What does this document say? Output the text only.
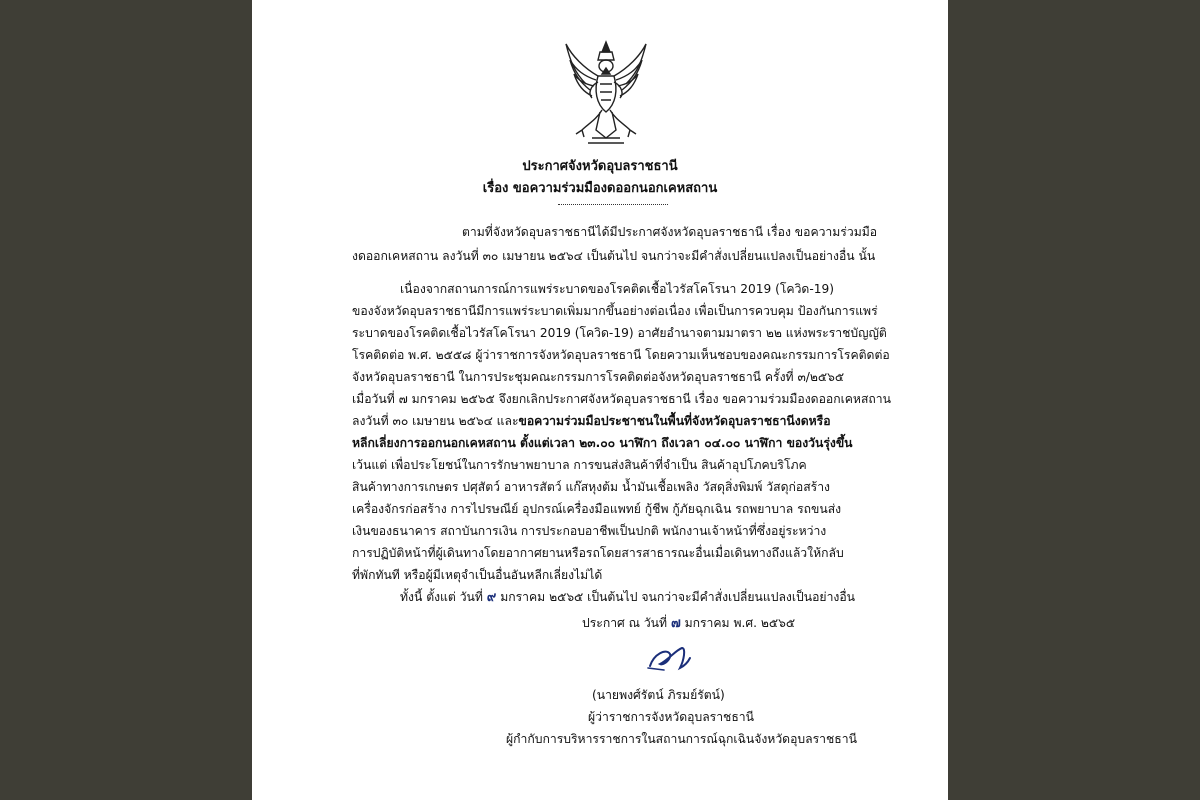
ประกาศจังหวัดอุบลราชธานี
เรื่อง ขอความร่วมมืองดออกนอกเคหสถาน
ตามที่จังหวัดอุบลราชธานีได้มีประกาศจังหวัดอุบลราชธานี เรื่อง ขอความร่วมมือ
งดออกเคหสถาน ลงวันที่ ๓๐ เมษายน ๒๕๖๔ เป็นต้นไป จนกว่าจะมีคำสั่งเปลี่ยนแปลงเป็นอย่างอื่น นั้น
เนื่องจากสถานการณ์การแพร่ระบาดของโรคติดเชื้อไวรัสโคโรนา 2019 (โควิด-19)
ของจังหวัดอุบลราชธานีมีการแพร่ระบาดเพิ่มมากขึ้นอย่างต่อเนื่อง เพื่อเป็นการควบคุม ป้องกันการแพร่
ระบาดของโรคติดเชื้อไวรัสโคโรนา 2019 (โควิด-19) อาศัยอำนาจตามมาตรา ๒๒ แห่งพระราชบัญญัติ
โรคติดต่อ พ.ศ. ๒๕๕๘ ผู้ว่าราชการจังหวัดอุบลราชธานี โดยความเห็นชอบของคณะกรรมการโรคติดต่อ
จังหวัดอุบลราชธานี ในการประชุมคณะกรรมการโรคติดต่อจังหวัดอุบลราชธานี ครั้งที่ ๓/๒๕๖๕
เมื่อวันที่ ๗ มกราคม ๒๕๖๕ จึงยกเลิกประกาศจังหวัดอุบลราชธานี เรื่อง ขอความร่วมมืองดออกเคหสถาน
ลงวันที่ ๓๐ เมษายน ๒๕๖๔ และขอความร่วมมือประชาชนในพื้นที่จังหวัดอุบลราชธานีงดหรือ
หลีกเลี่ยงการออกนอกเคหสถาน ตั้งแต่เวลา ๒๓.๐๐ นาฬิกา ถึงเวลา ๐๔.๐๐ นาฬิกา ของวันรุ่งขึ้น
เว้นแต่ เพื่อประโยชน์ในการรักษาพยาบาล การขนส่งสินค้าที่จำเป็น สินค้าอุปโภคบริโภค
สินค้าทางการเกษตร ปศุสัตว์ อาหารสัตว์ แก๊สหุงต้ม น้ำมันเชื้อเพลิง วัสดุสิ่งพิมพ์ วัสดุก่อสร้าง
เครื่องจักรก่อสร้าง การไปรษณีย์ อุปกรณ์เครื่องมือแพทย์ กู้ชีพ กู้ภัยฉุกเฉิน รถพยาบาล รถขนส่ง
เงินของธนาคาร สถาบันการเงิน การประกอบอาชีพเป็นปกติ พนักงานเจ้าหน้าที่ซึ่งอยู่ระหว่าง
การปฏิบัติหน้าที่ผู้เดินทางโดยอากาศยานหรือรถโดยสารสาธารณะอื่นเมื่อเดินทางถึงแล้วให้กลับ
ที่พักทันที หรือผู้มีเหตุจำเป็นอื่นอันหลีกเลี่ยงไม่ได้
ทั้งนี้ ตั้งแต่ วันที่ ๙ มกราคม ๒๕๖๕ เป็นต้นไป จนกว่าจะมีคำสั่งเปลี่ยนแปลงเป็นอย่างอื่น
ประกาศ ณ วันที่ ๗ มกราคม พ.ศ. ๒๕๖๕
(นายพงศ์รัตน์ ภิรมย์รัตน์)
ผู้ว่าราชการจังหวัดอุบลราชธานี
ผู้กำกับการบริหารราชการในสถานการณ์ฉุกเฉินจังหวัดอุบลราชธานี
